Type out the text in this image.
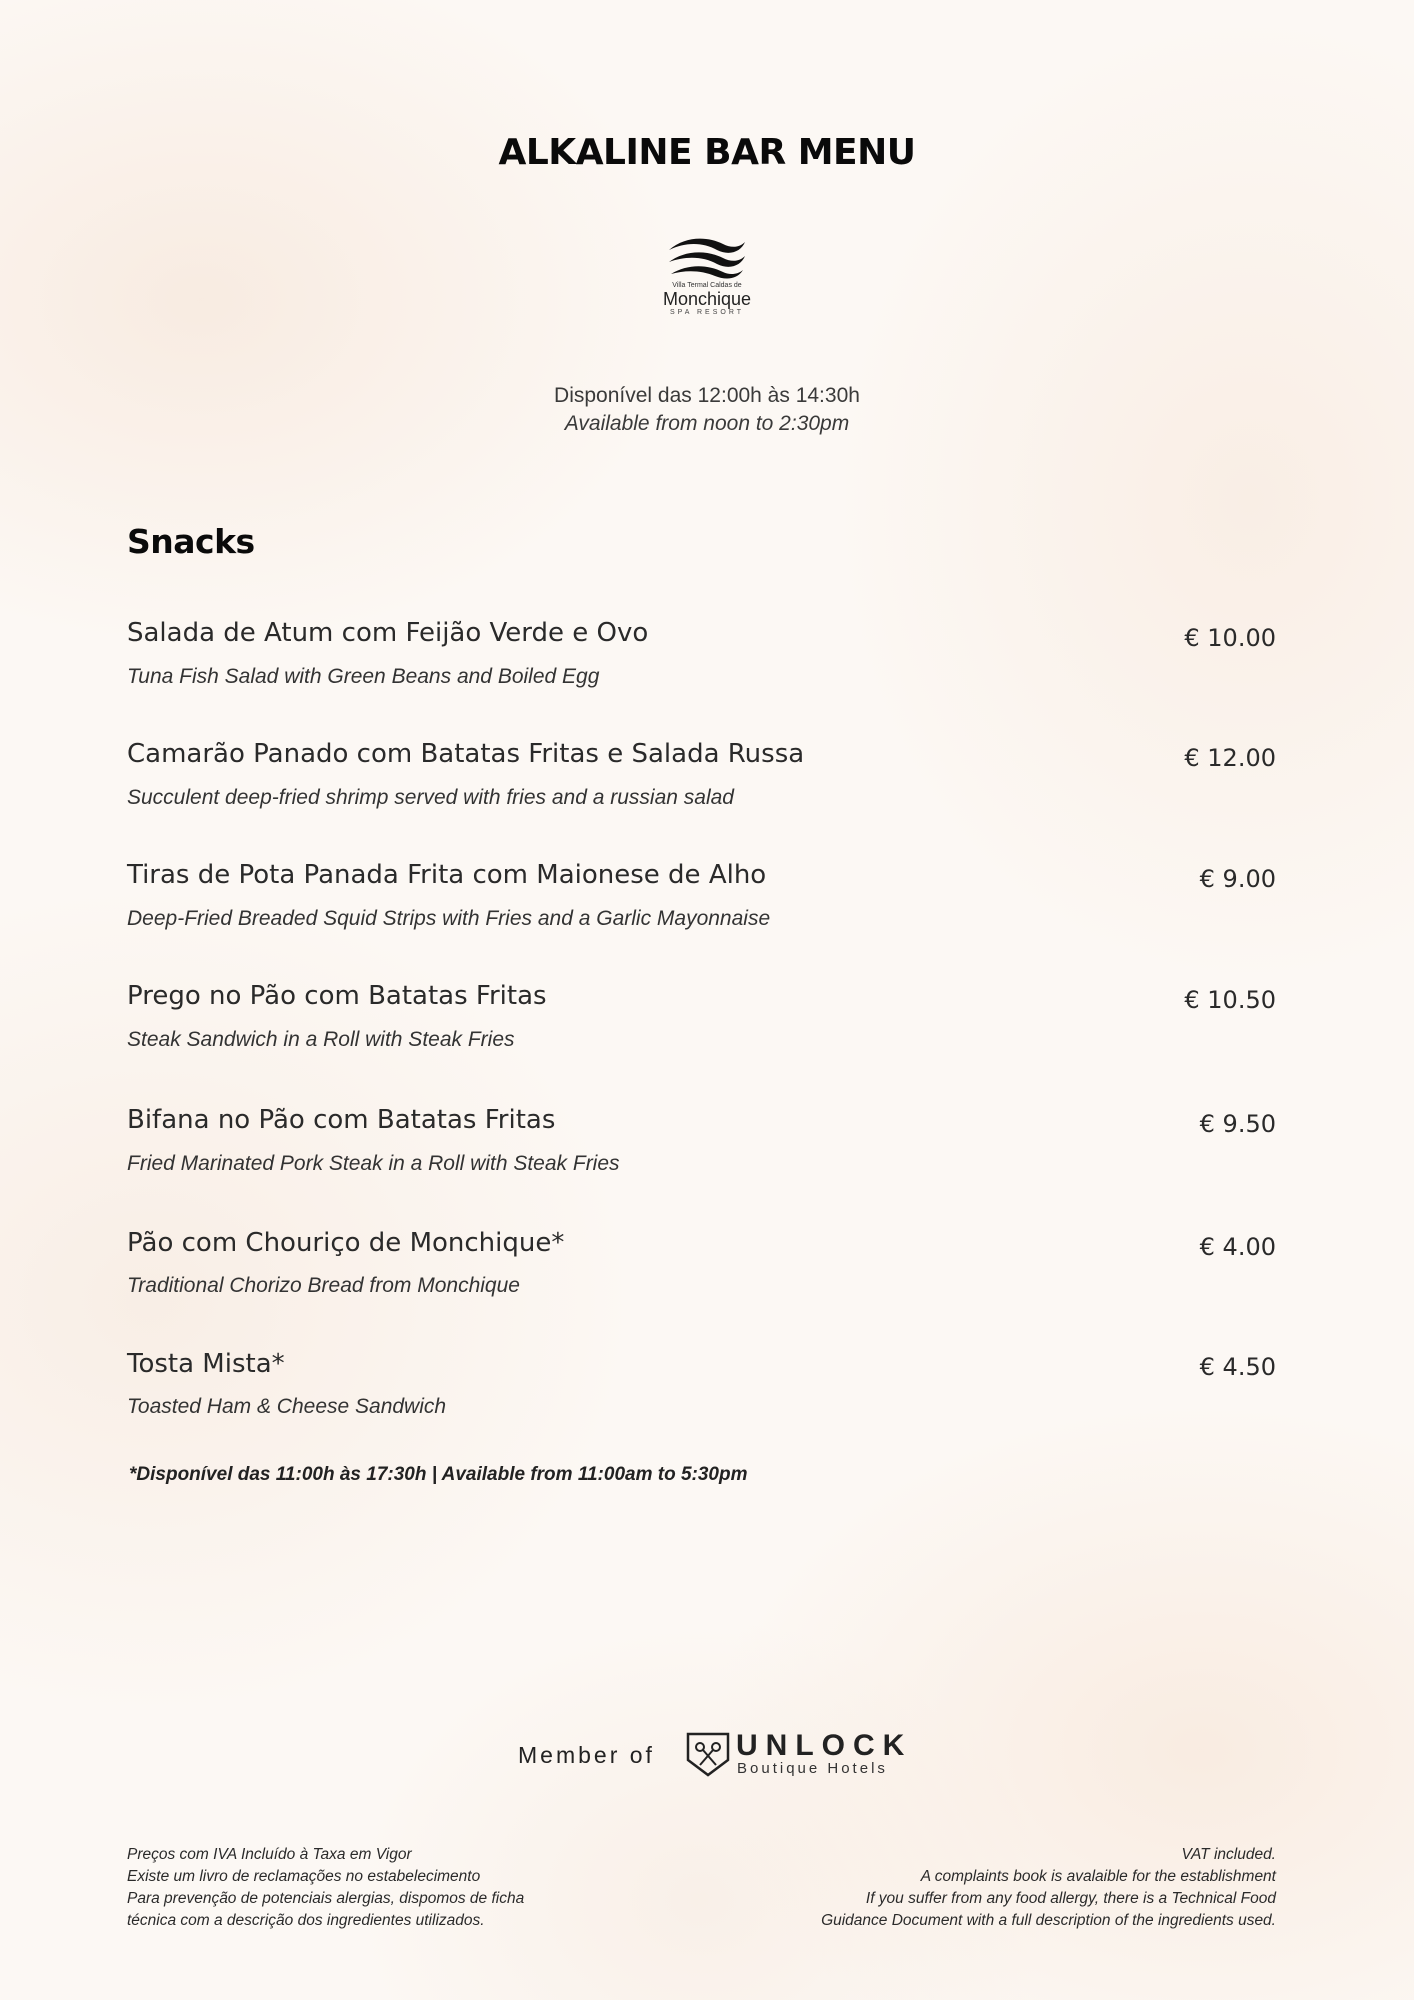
ALKALINE BAR MENU
Villa Termal Caldas de
Monchique
SPA RESORT
Disponível das 12:00h às 14:30h
Available from noon to 2:30pm
Snacks
Salada de Atum com Feijão Verde e Ovo
Tuna Fish Salad with Green Beans and Boiled Egg
€ 10.00
Camarão Panado com Batatas Fritas e Salada Russa
Succulent deep-fried shrimp served with fries and a russian salad
€ 12.00
Tiras de Pota Panada Frita com Maionese de Alho
Deep-Fried Breaded Squid Strips with Fries and a Garlic Mayonnaise
€ 9.00
Prego no Pão com Batatas Fritas
Steak Sandwich in a Roll with Steak Fries
€ 10.50
Bifana no Pão com Batatas Fritas
Fried Marinated Pork Steak in a Roll with Steak Fries
€ 9.50
Pão com Chouriço de Monchique*
Traditional Chorizo Bread from Monchique
€ 4.00
Tosta Mista*
Toasted Ham & Cheese Sandwich
€ 4.50
*Disponível das 11:00h às 17:30h | Available from 11:00am to 5:30pm
Member of	UNLOCK
Boutique Hotels
Preços com IVA Incluído à Taxa em Vigor
Existe um livro de reclamações no estabelecimento
Para prevenção de potenciais alergias, dispomos de ficha
técnica com a descrição dos ingredientes utilizados.
VAT included.
A complaints book is avalaible for the establishment
If you suffer from any food allergy, there is a Technical Food
Guidance Document with a full description of the ingredients used.
